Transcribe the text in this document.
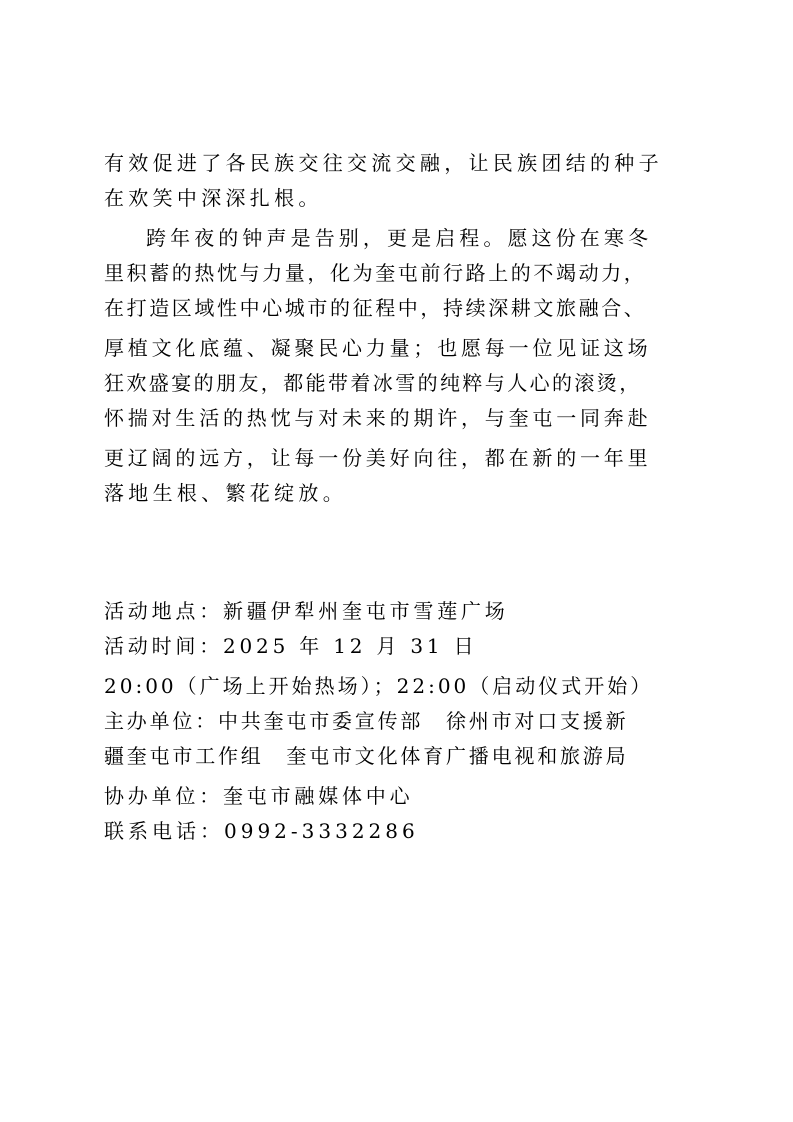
有效促进了各民族交往交流交融，让民族团结的种子
在欢笑中深深扎根。
跨年夜的钟声是告别，更是启程。愿这份在寒冬
里积蓄的热忱与力量，化为奎屯前行路上的不竭动力，
在打造区域性中心城市的征程中，持续深耕文旅融合、
厚植文化底蕴、凝聚民心力量；也愿每一位见证这场
狂欢盛宴的朋友，都能带着冰雪的纯粹与人心的滚烫，
怀揣对生活的热忱与对未来的期许，与奎屯一同奔赴
更辽阔的远方，让每一份美好向往，都在新的一年里
落地生根、繁花绽放。
活动地点：新疆伊犁州奎屯市雪莲广场
活动时间：2025 年 12 月 31 日
20:00（广场上开始热场）；22:00（启动仪式开始）
主办单位：中共奎屯市委宣传部　徐州市对口支援新
疆奎屯市工作组　奎屯市文化体育广播电视和旅游局
协办单位：奎屯市融媒体中心
联系电话：0992-3332286
